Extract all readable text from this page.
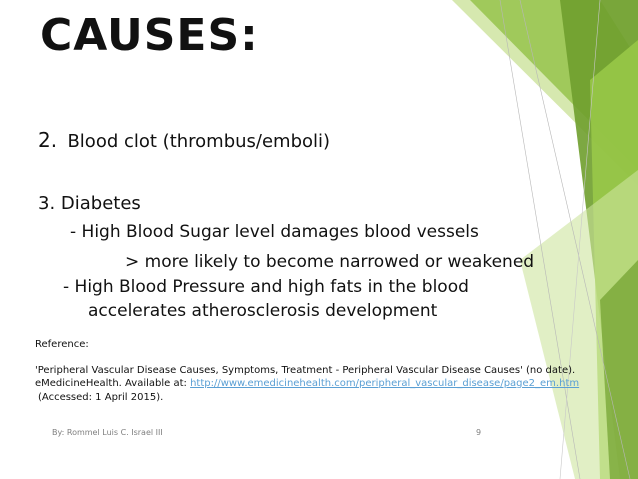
CAUSES:
2. Blood clot (thrombus/emboli)
3. Diabetes
- High Blood Sugar level damages blood vessels
> more likely to become narrowed or weakened
- High Blood Pressure and high fats in the blood
accelerates atherosclerosis development
Reference:
'Peripheral Vascular Disease Causes, Symptoms, Treatment - Peripheral Vascular Disease Causes' (no date).
eMedicineHealth. Available at: http://www.emedicinehealth.com/peripheral_vascular_disease/page2_em.htm
(Accessed: 1 April 2015).
By: Rommel Luis C. Israel III	9
